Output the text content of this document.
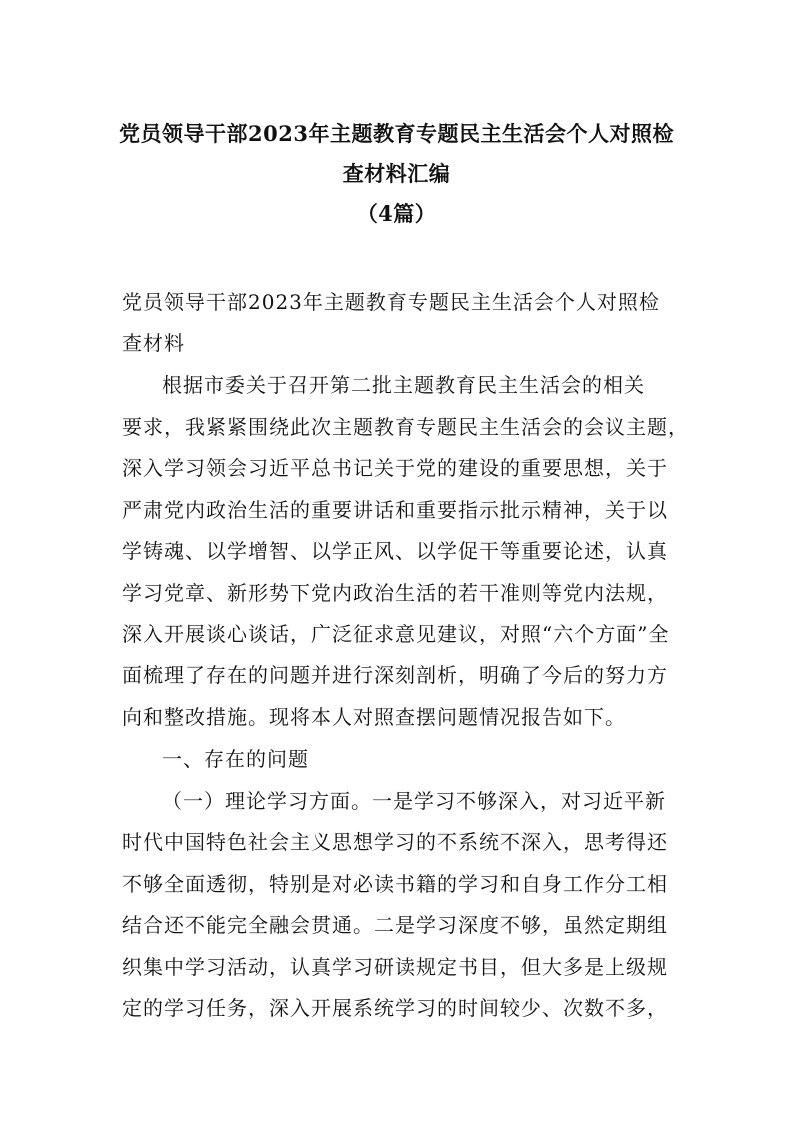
党员领导干部2023年主题教育专题民主生活会个人对照检
查材料汇编
（4篇）
党员领导干部2023年主题教育专题民主生活会个人对照检
查材料
根据市委关于召开第二批主题教育民主生活会的相关
要求，我紧紧围绕此次主题教育专题民主生活会的会议主题，
深入学习领会习近平总书记关于党的建设的重要思想，关于
严肃党内政治生活的重要讲话和重要指示批示精神，关于以
学铸魂、以学增智、以学正风、以学促干等重要论述，认真
学习党章、新形势下党内政治生活的若干准则等党内法规，
深入开展谈心谈话，广泛征求意见建议，对照“六个方面”全
面梳理了存在的问题并进行深刻剖析，明确了今后的努力方
向和整改措施。现将本人对照查摆问题情况报告如下。
一、存在的问题
（一）理论学习方面。一是学习不够深入，对习近平新
时代中国特色社会主义思想学习的不系统不深入，思考得还
不够全面透彻，特别是对必读书籍的学习和自身工作分工相
结合还不能完全融会贯通。二是学习深度不够，虽然定期组
织集中学习活动，认真学习研读规定书目，但大多是上级规
定的学习任务，深入开展系统学习的时间较少、次数不多，
